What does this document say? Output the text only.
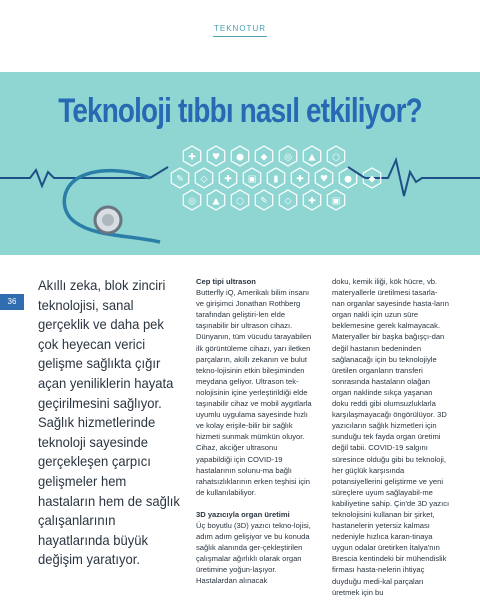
TEKNOTUR
Teknoloji tıbbı nasıl etkiliyor?
✚ ♥ ● ◆ ◎ ▲ ○
✎ ◇ ✚ ▣ ▮ ✚ ♥ ● ◆
◎ ▲ ○ ✎ ◇ ✚ ▣
36
Akıllı zeka, blok zinciri teknolojisi, sanal gerçeklik ve daha pek çok heyecan verici gelişme sağlıkta çığır açan yeniliklerin hayata geçirilmesini sağlıyor. Sağlık hizmetlerinde teknoloji sayesinde gerçekleşen çarpıcı gelişmeler hem hastaların hem de sağlık çalışanlarının hayatlarında büyük değişim yaratıyor.
Cep tipi ultrason

Butterfly iQ, Amerikalı bilim insanı ve girişimci Jonathan Rothberg tarafından geliştiri-len elde taşınabilir bir ultrason cihazı. Dünyanın, tüm vücudu tarayabilen ilk görüntüleme cihazı, yarı iletken parçaların, akıllı zekanın ve bulut tekno-lojisinin etkin bileşiminden meydana geliyor. Ultrason tek-nolojisinin içine yerleştirildiği elde taşınabilir cihaz ve mobil aygıtlarla uyumlu uygulama sayesinde hızlı ve kolay erişile-bilir bir sağlık hizmeti sunmak mümkün oluyor. Cihaz, akciğer ultrasonu yapabildiği için COVID-19 hastalarının solunu-ma bağlı rahatsızlıklarının erken teşhisi için de kullanılabiliyor.

3D yazıcıyla organ üretimi

Üç boyutlu (3D) yazıcı tekno-lojisi, adım adım gelişiyor ve bu konuda sağlık alanında ger-çekleştirilen çalışmalar ağırlıklı olarak organ üretimine yoğun-laşıyor. Hastalardan alınacak

doku, kemik iliği, kök hücre, vb. materyallerle üretilmesi tasarla-nan organlar sayesinde hasta-ların organ nakli için uzun süre beklemesine gerek kalmayacak. Materyaller bir başka bağışçı-dan değil hastanın bedeninden sağlanacağı için bu teknolojiyle üretilen organların transferi sonrasında hastaların olağan organ naklinde sıkça yaşanan doku reddi gibi olumsuzluklarla karşılaşmayacağı öngörülüyor. 3D yazıcıların sağlık hizmetleri için sunduğu tek fayda organ üretimi değil tabii. COVID-19 salgını süresince olduğu gibi bu teknoloji, her güçlük karşısında potansiyellerini geliştirme ve yeni süreçlere uyum sağlayabil-me kabiliyetine sahip. Çin'de 3D yazıcı teknolojisini kullanan bir şirket, hastanelerin yetersiz kalması nedeniyle hızlıca karan-tinaya uygun odalar üretirken İtalya'nın Brescia kentindeki bir mühendislik firması hasta-nelerin ihtiyaç duyduğu medi-kal parçaları üretmek için bu
